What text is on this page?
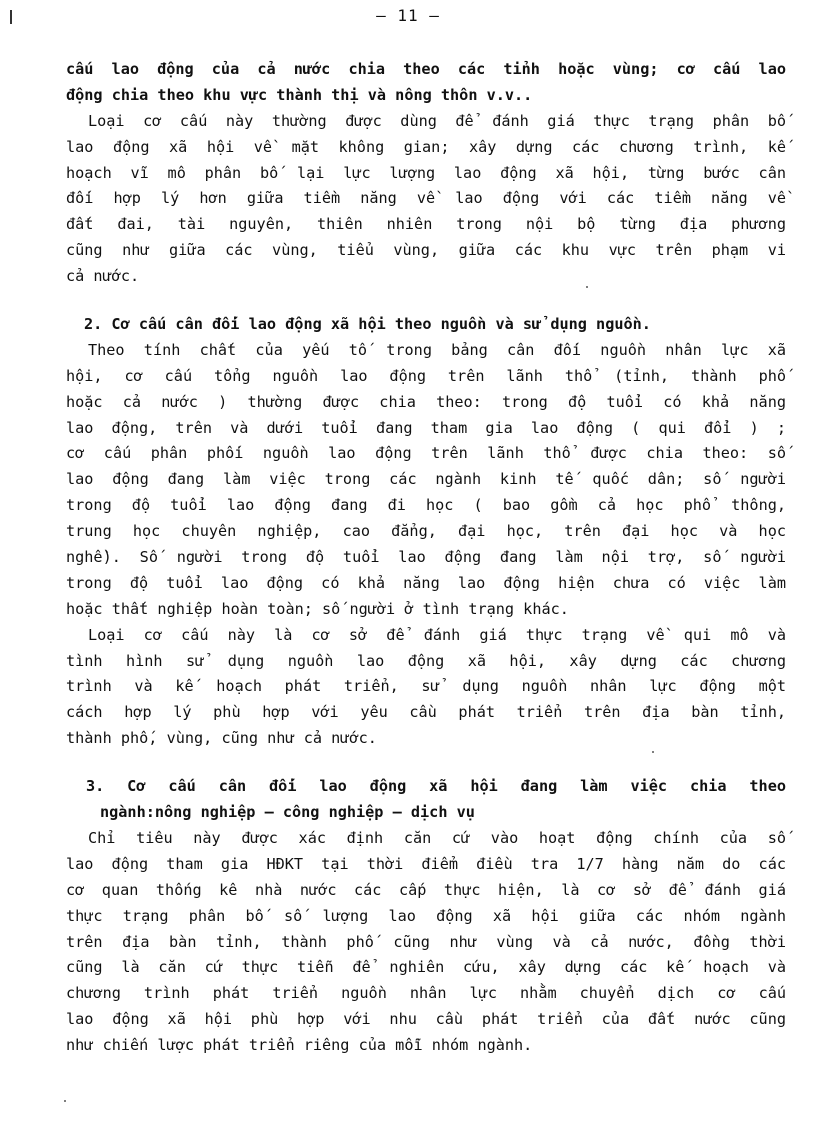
– 11 –
cấu lao động của cả nước chia theo các tỉnh hoặc vùng; cơ cấu lao
động chia theo khu vực thành thị và nông thôn v.v..
Loại cơ cấu này thường được dùng để đánh giá thực trạng phân bố
lao động xã hội về mặt không gian; xây dựng các chương trình, kế
hoạch vĩ mô phân bố lại lực lượng lao động xã hội, từng bước cân
đối hợp lý hơn giữa tiềm năng về lao động với các tiềm năng về
đất đai, tài nguyên, thiên nhiên trong nội bộ từng địa phương
cũng như giữa các vùng, tiểu vùng, giữa các khu vực trên phạm vi
cả nước.
2. Cơ cấu cân đối lao động xã hội theo nguồn và sử dụng nguồn.
Theo tính chất của yếu tố trong bảng cân đối nguồn nhân lực xã
hội, cơ cấu tổng nguồn lao động trên lãnh thổ (tỉnh, thành phố
hoặc cả nước ) thường được chia theo: trong độ tuổi có khả năng
lao động, trên và dưới tuổi đang tham gia lao động ( qui đổi ) ;
cơ cấu phân phối nguồn lao động trên lãnh thổ được chia theo: số
lao động đang làm việc trong các ngành kinh tế quốc dân; số người
trong độ tuổi lao động đang đi học ( bao gồm cả học phổ thông,
trung học chuyên nghiệp, cao đẳng, đại học, trên đại học và học
nghề). Số người trong độ tuổi lao động đang làm nội trợ, số người
trong độ tuổi lao động có khả năng lao động hiện chưa có việc làm
hoặc thất nghiệp hoàn toàn; số người ở tình trạng khác.
Loại cơ cấu này là cơ sở để đánh giá thực trạng về qui mô và
tình hình sử dụng nguồn lao động xã hội, xây dựng các chương
trình và kế hoạch phát triển, sử dụng nguồn nhân lực động một
cách hợp lý phù hợp với yêu cầu phát triển trên địa bàn tỉnh,
thành phố, vùng, cũng như cả nước.
3. Cơ cấu cân đối lao động xã hội đang làm việc chia theo
ngành:nông nghiệp – công nghiệp – dịch vụ
Chỉ tiêu này được xác định căn cứ vào hoạt động chính của số
lao động tham gia HĐKT tại thời điểm điều tra 1/7 hàng năm do các
cơ quan thống kê nhà nước các cấp thực hiện, là cơ sở để đánh giá
thực trạng phân bố số lượng lao động xã hội giữa các nhóm ngành
trên địa bàn tỉnh, thành phố cũng như vùng và cả nước, đồng thời
cũng là căn cứ thực tiễn để nghiên cứu, xây dựng các kế hoạch và
chương trình phát triển nguồn nhân lực nhằm chuyển dịch cơ cấu
lao động xã hội phù hợp với nhu cầu phát triển của đất nước cũng
như chiến lược phát triển riêng của mỗi nhóm ngành.
